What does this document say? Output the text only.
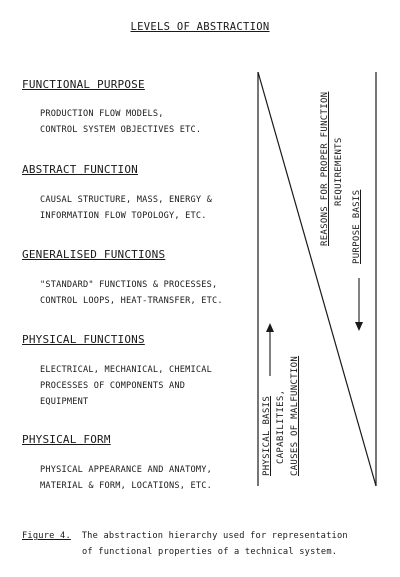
LEVELS OF ABSTRACTION
FUNCTIONAL PURPOSE
PRODUCTION FLOW MODELS,
CONTROL SYSTEM OBJECTIVES ETC.
ABSTRACT FUNCTION
CAUSAL STRUCTURE, MASS, ENERGY &
INFORMATION FLOW TOPOLOGY, ETC.
GENERALISED FUNCTIONS
"STANDARD" FUNCTIONS & PROCESSES,
CONTROL LOOPS, HEAT-TRANSFER, ETC.
PHYSICAL FUNCTIONS
ELECTRICAL, MECHANICAL, CHEMICAL
PROCESSES OF COMPONENTS AND
EQUIPMENT
PHYSICAL FORM
PHYSICAL APPEARANCE AND ANATOMY,
MATERIAL & FORM, LOCATIONS, ETC.
REASONS FOR PROPER FUNCTION REQUIREMENTS
PURPOSE BASIS
PHYSICAL BASIS CAPABILITIES, CAUSES OF MALFUNCTION
Figure 4. The abstraction hierarchy used for representation
of functional properties of a technical system.
